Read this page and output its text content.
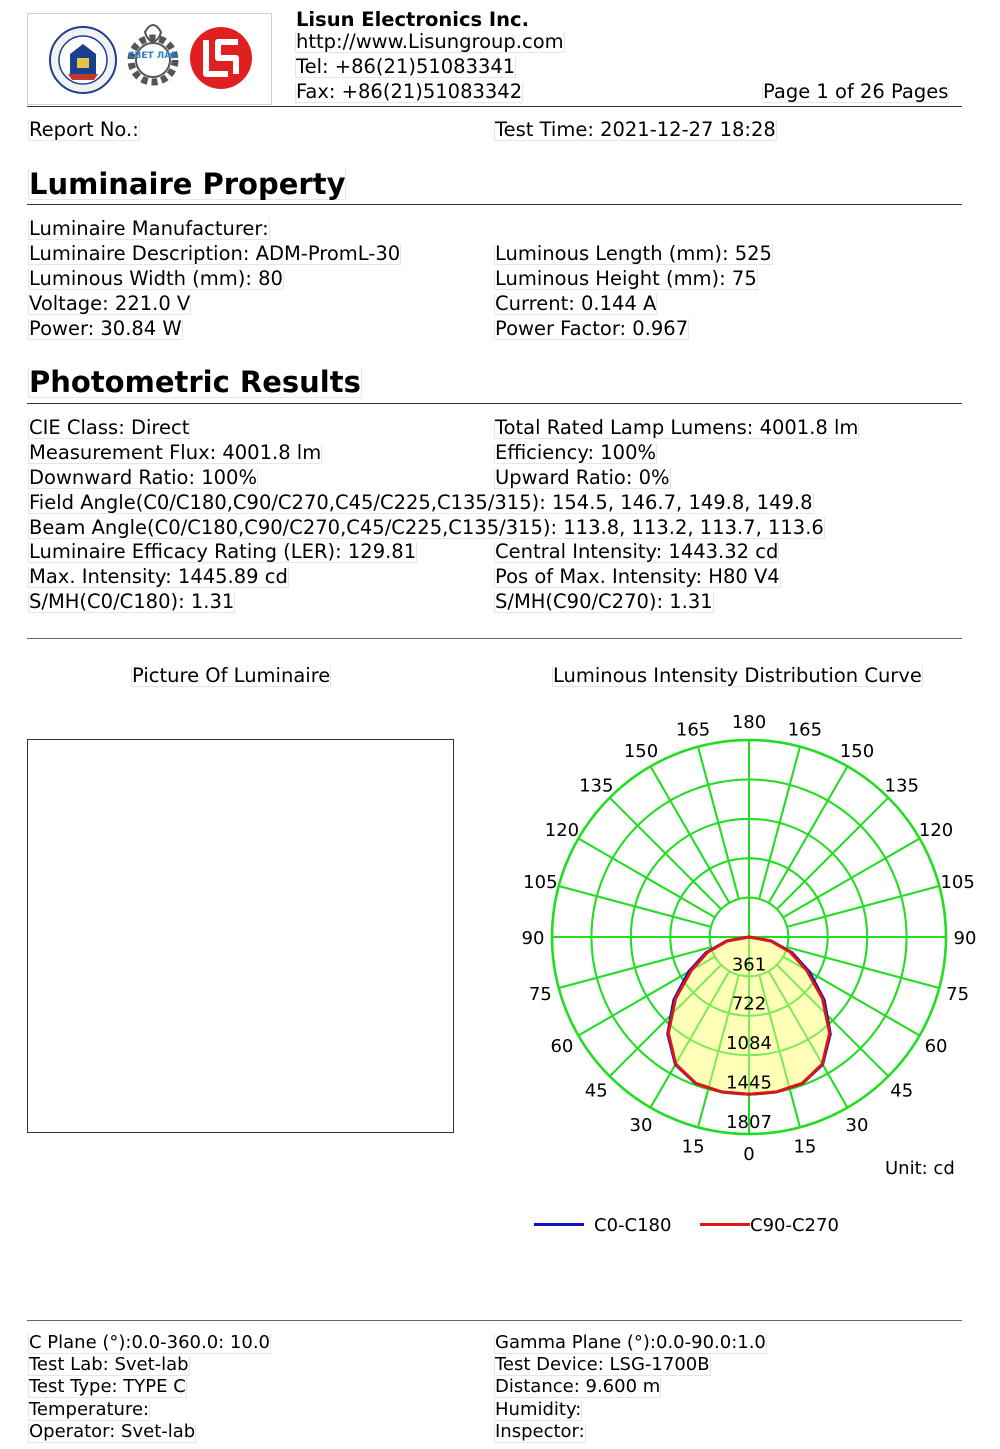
СВЕТ ЛАБ
Lisun Electronics Inc.
http://www.Lisungroup.com
Tel: +86(21)51083341
Fax: +86(21)51083342	Page 1 of 26 Pages
Report No.:	Test Time: 2021-12-27 18:28
Luminaire Property
Luminaire Manufacturer:
Luminaire Description: ADM-PromL-30	Luminous Length (mm): 525
Luminous Width (mm): 80	Luminous Height (mm): 75
Voltage: 221.0 V	Current: 0.144 A
Power: 30.84 W	Power Factor: 0.967
Photometric Results
CIE Class: Direct	Total Rated Lamp Lumens: 4001.8 lm
Measurement Flux: 4001.8 lm	Efficiency: 100%
Downward Ratio: 100%	Upward Ratio: 0%
Field Angle(C0/C180,C90/C270,C45/C225,C135/315): 154.5, 146.7, 149.8, 149.8
Beam Angle(C0/C180,C90/C270,C45/C225,C135/315): 113.8, 113.2, 113.7, 113.6
Luminaire Efficacy Rating (LER): 129.81	Central Intensity: 1443.32 cd
Max. Intensity: 1445.89 cd	Pos of Max. Intensity: H80 V4
S/MH(C0/C180): 1.31	S/MH(C90/C270): 1.31
Picture Of Luminaire	Luminous Intensity Distribution Curve
361
722
1084
1445
1807
0
15
30
45
60
75
90
105
120
135
150
165 180
15
30
45
60
75
90
105
120
135
150
165
Unit: cd
C0-C180	C90-C270
C Plane (°):0.0-360.0: 10.0	Gamma Plane (°):0.0-90.0:1.0
Test Lab: Svet-lab	Test Device: LSG-1700B
Test Type: TYPE C	Distance: 9.600 m
Temperature:	Humidity:
Operator: Svet-lab	Inspector:
